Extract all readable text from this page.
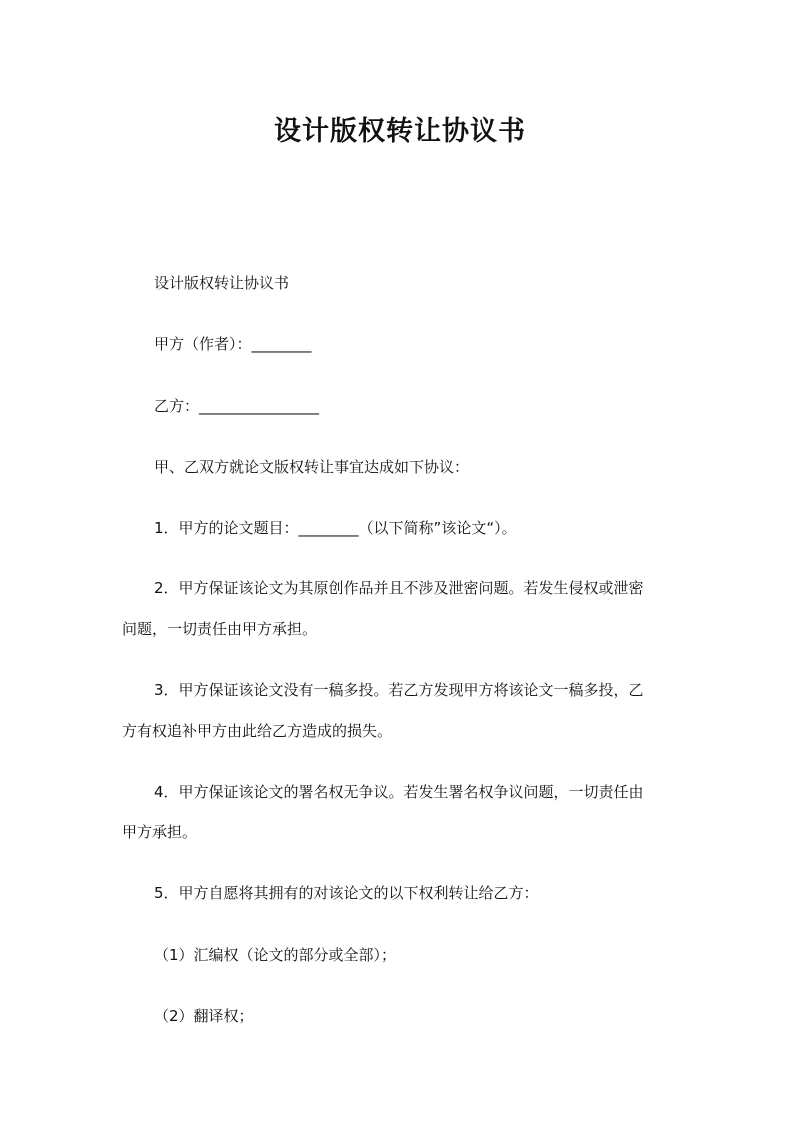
设计版权转让协议书
设计版权转让协议书
甲方（作者）：________
乙方：________________
甲、乙双方就论文版权转让事宜达成如下协议：
1．甲方的论文题目：________（以下简称”该论文“）。
2．甲方保证该论文为其原创作品并且不涉及泄密问题。若发生侵权或泄密
问题，一切责任由甲方承担。
3．甲方保证该论文没有一稿多投。若乙方发现甲方将该论文一稿多投，乙
方有权追补甲方由此给乙方造成的损失。
4．甲方保证该论文的署名权无争议。若发生署名权争议问题，一切责任由
甲方承担。
5．甲方自愿将其拥有的对该论文的以下权利转让给乙方：
（1）汇编权（论文的部分或全部）；
（2）翻译权；
